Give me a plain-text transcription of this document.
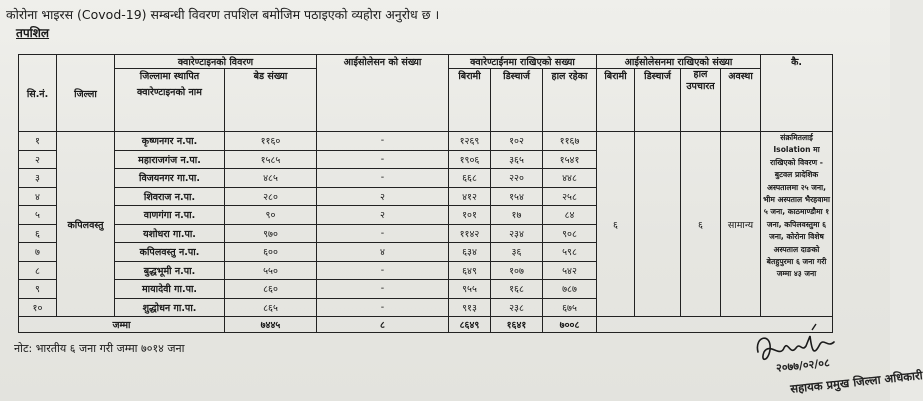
कोरोना भाइरस (Covod-19) सम्बन्धी विवरण तपशिल बमोजिम पठाइएको व्यहोरा अनुरोध छ ।
तपशिल
सि.नं.	जिल्ला	क्वारेण्टाइनको विवरण		आईसोलेसन को संख्या	क्वारेण्टाईनमा राखिएको सख्या			आईसोलेसनमा राखिएको संख्या				कै.
		जिल्लामा स्थापित क्वारेण्टाइनको नाम	बेड संख्या		बिरामी	डिस्चार्ज	हाल रहेका	बिरामी	डिस्चार्ज	हाल उपचारत	अवस्था	

१	कपिलवस्तु	कृष्णनगर न.पा.	११६०	-	१२६९	१०२	११६७	६		६	सामान्य	संक्रमितलाई Isolation मा राखिएको विवरण - बुटवल प्रादेशिक अस्पतालमा २५ जना, भीम अस्पताल भैरहवामा ५ जना, काठमाण्डौमा १ जना, कपिलवस्तुमा ६ जना, कोरोना विशेष अस्पताल दाङको बेतहुपुरमा ६ जना गरी जम्मा ४३ जना
२		महाराजगंज न.पा.	१५८५	-	१९०६	३६५	१५४१					
३		विजयनगर गा.पा.	४८५	-	६६८	२२०	४४८					
४		शिवराज न.पा.	२८०	२	४१२	१५४	२५८					
५		वाणगंगा न.पा.	९०	२	१०१	१७	८४					
६		यशोधरा गा.पा.	९७०	-	११४२	२३४	९०८					
७		कपिलवस्तु न.पा.	६००	४	६३४	३६	५९८					
८		बुद्धभूमी न.पा.	५५०	-	६४९	१०७	५४२					
९		मायादेवी गा.पा.	८६०	-	९५५	१६८	७८७					
१०		शुद्धोधन गा.पा.	८६५	-	९१३	२३८	६७५					
जम्मा			७४४५	८	८६४९	१६४१	७००८					
नोट: भारतीय ६ जना गरी जम्मा ७०१४ जना
२०७७/०२/०८
सहायक प्रमुख जिल्ला अधिकारी
